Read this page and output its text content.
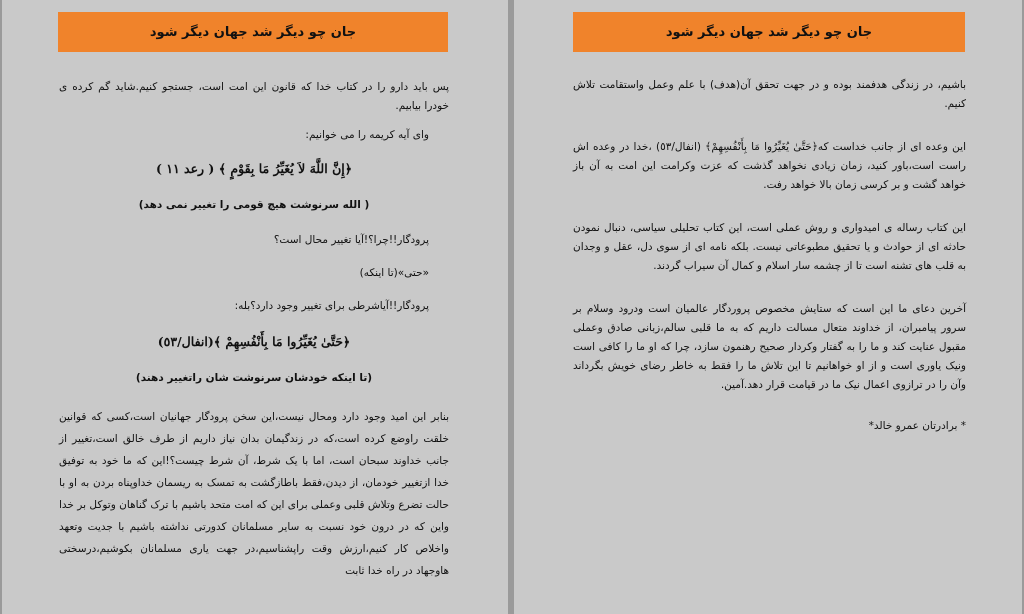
جان چو دیگر شد جهان دیگر شود

پس باید دارو را در کتاب خدا که قانون این امت است، جستجو کنیم.شاید گم کرده ی خودرا بیابیم.

وای آیه کریمه را می خوانیم:

﴿إِنَّ اللَّهَ لاَ يُغَيِّرُ مَا بِقَوْمٍ ﴾ ( رعد ١١ )

( الله سرنوشت هیچ قومی را تغییر نمی دهد)

پرودگار!!چرا؟!آیا تغییر محال است؟

«حتی»(تا اینکه)

پرودگار!!آیاشرطی برای تغییر وجود دارد؟بله:

﴿حَتَّىٰ يُغَيِّرُوا مَا بِأَنْفُسِهِمْ ﴾(انفال/٥٣)

(تا اینکه خودشان سرنوشت شان راتغییر دهند)

بنابر این امید وجود دارد ومحال نیست،این سخن پرودگار جهانیان است،کسی که قوانین خلقت راوضع کرده است،که در زندگیمان بدان نیاز داریم از طرف خالق است،تغییر از جانب خداوند سبحان است، اما با یک شرط، آن شرط چیست؟!این که ما خود به توفیق خدا ازتغییر خودمان، از دیدن،فقط باطازگشت به تمسک به ریسمان خداوپناه بردن به او با حالت تضرع وتلاش قلبی وعملی برای این که امت متحد باشیم با ترک گناهان وتوکل بر خدا واین که در درون خود نسبت به سایر مسلمانان کدورتی نداشته باشیم با جدیت وتعهد واخلاص کار کنیم،ارزش وقت راپشناسیم،در جهت یاری مسلمانان بکوشیم،درسختی هاوجهاد در راه خدا ثابت

جان چو دیگر شد جهان دیگر شود

باشیم، در زندگی هدفمند بوده و در جهت تحقق آن(هدف) با علم وعمل واستقامت تلاش کنیم.

این وعده ای از جانب خداست که﴿حَتَّىٰ يُغَيِّرُوا مَا بِأَنْفُسِهِمْ﴾ (انفال/٥٣) ،خدا در وعده اش راست است،باور کنید، زمان زیادی نخواهد گذشت که عزت وکرامت این امت به آن باز خواهد گشت و بر کرسی زمان بالا خواهد رفت.

این کتاب رساله ی امیدواری و روش عملی است، این کتاب تحلیلی سیاسی، دنبال نمودن حادثه ای از حوادث و یا تحقیق مطبوعاتی نیست. بلکه نامه ای از سوی دل، عقل و وجدان به قلب های تشنه است تا از چشمه سار اسلام و کمال آن سیراب گردند.

آخرین دعای ما این است که ستایش مخصوص پروردگار عالمیان است ودرود وسلام بر سرور پیامبران، از خداوند متعال مسالت داریم که به ما قلبی سالم،زبانی صادق وعملی مقبول عنایت کند و ما را به گفتار وکردار صحیح رهنمون سازد، چرا که او ما را کافی است ونیک یاوری است و از او خواهانیم تا این تلاش ما را فقط به خاطر رضای خویش بگرداند وآن را در ترازوی اعمال نیک ما در قیامت قرار دهد.آمین.

* برادرتان عمرو خالد*
